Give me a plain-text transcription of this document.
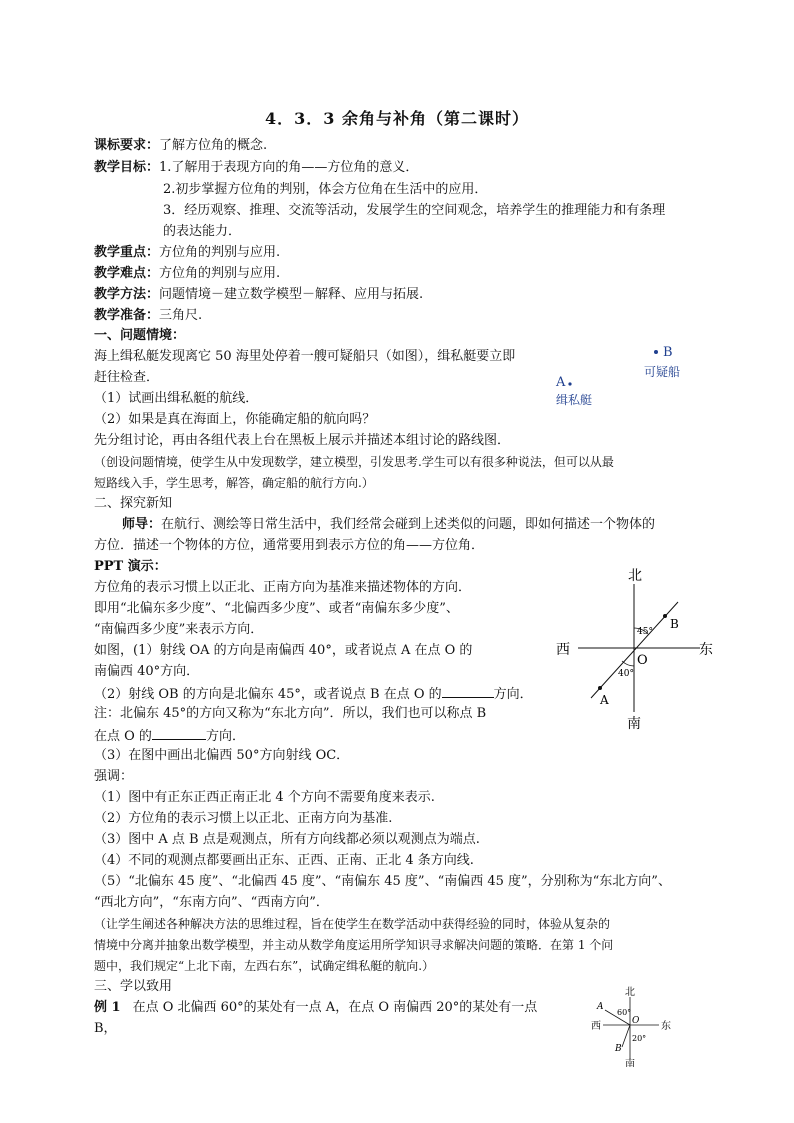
4．3．3 余角与补角（第二课时）
课标要求：了解方位角的概念.
教学目标：1.了解用于表现方向的角——方位角的意义．
2.初步掌握方位角的判别，体会方位角在生活中的应用．
3．经历观察、推理、交流等活动，发展学生的空间观念，培养学生的推理能力和有条理
的表达能力．
教学重点：方位角的判别与应用.
教学难点：方位角的判别与应用.
教学方法：问题情境－建立数学模型－解释、应用与拓展.
教学准备：三角尺.
一、问题情境：
海上缉私艇发现离它 50 海里处停着一艘可疑船只（如图），缉私艇要立即
赶往检查．
（1）试画出缉私艇的航线．
（2）如果是真在海面上，你能确定船的航向吗？
先分组讨论，再由各组代表上台在黑板上展示并描述本组讨论的路线图．
（创设问题情境，使学生从中发现数学，建立模型，引发思考.学生可以有很多种说法，但可以从最
短路线入手，学生思考，解答，确定船的航行方向.）
B
可疑船
A
缉私艇
二、探究新知
师导：在航行、测绘等日常生活中，我们经常会碰到上述类似的问题，即如何描述一个物体的
方位．描述一个物体的方位，通常要用到表示方位的角——方位角．
PPT 演示：
方位角的表示习惯上以正北、正南方向为基准来描述物体的方向．
即用“北偏东多少度”、“北偏西多少度”、或者“南偏东多少度”、
“南偏西多少度”来表示方向．
如图，(1）射线 OA 的方向是南偏西 40°，或者说点 A 在点 O 的
南偏西 40°方向．
（2）射线 OB 的方向是北偏东 45°，或者说点 B 在点 O 的	方向．
注：北偏东 45°的方向又称为“东北方向”．所以，我们也可以称点 B
在点 O 的	方向．
（3）在图中画出北偏西 50°方向射线 OC．
北
南
西	东
O
A
B
45°
40°
强调：
（1）图中有正东正西正南正北 4 个方向不需要角度来表示.
（2）方位角的表示习惯上以正北、正南方向为基准.
（3）图中 A 点 B 点是观测点，所有方向线都必须以观测点为端点.
（4）不同的观测点都要画出正东、正西、正南、正北 4 条方向线.
（5）“北偏东 45 度”、“北偏西 45 度”、“南偏东 45 度”、“南偏西 45 度”，分别称为“东北方向”、
“西北方向”，“东南方向”、“西南方向”．
（让学生阐述各种解决方法的思维过程，旨在使学生在数学活动中获得经验的同时，体验从复杂的
情境中分离并抽象出数学模型，并主动从数学角度运用所学知识寻求解决问题的策略．在第 1 个问
题中，我们规定“上北下南，左西右东”，试确定缉私艇的航向.）
三、学以致用
例 1 在点 O 北偏西 60°的某处有一点 A，在点 O 南偏西 20°的某处有一点
B，
北
南
西	东
O
A
B
60°
20°
